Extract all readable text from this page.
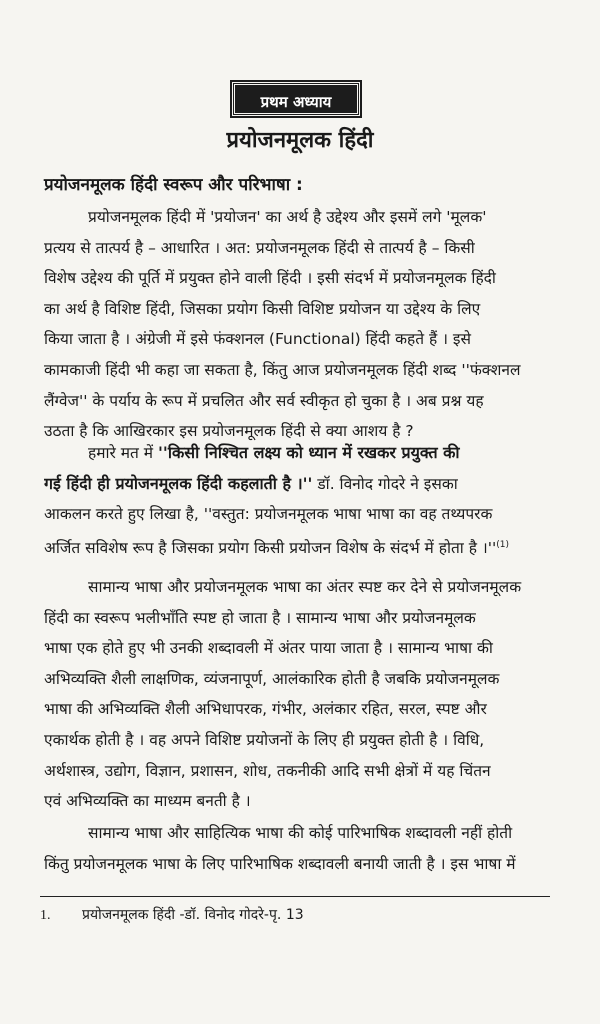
प्रथम अध्याय
प्रयोजनमूलक हिंदी
प्रयोजनमूलक हिंदी स्वरूप और परिभाषा :
प्रयोजनमूलक हिंदी में 'प्रयोजन' का अर्थ है उद्देश्य और इसमें लगे 'मूलक'
प्रत्यय से तात्पर्य है – आधारित । अत: प्रयोजनमूलक हिंदी से तात्पर्य है – किसी
विशेष उद्देश्य की पूर्ति में प्रयुक्त होने वाली हिंदी । इसी संदर्भ में प्रयोजनमूलक हिंदी
का अर्थ है विशिष्ट हिंदी, जिसका प्रयोग किसी विशिष्ट प्रयोजन या उद्देश्य के लिए
किया जाता है । अंग्रेजी में इसे फंक्शनल (Functional) हिंदी कहते हैं । इसे
कामकाजी हिंदी भी कहा जा सकता है, किंतु आज प्रयोजनमूलक हिंदी शब्द ''फंक्शनल
लैंग्वेज'' के पर्याय के रूप में प्रचलित और सर्व स्वीकृत हो चुका है । अब प्रश्न यह
उठता है कि आखिरकार इस प्रयोजनमूलक हिंदी से क्या आशय है ?
हमारे मत में ''किसी निश्चित लक्ष्य को ध्यान में रखकर प्रयुक्त की
गई हिंदी ही प्रयोजनमूलक हिंदी कहलाती है ।'' डॉ. विनोद गोदरे ने इसका
आकलन करते हुए लिखा है, ''वस्तुत: प्रयोजनमूलक भाषा भाषा का वह तथ्यपरक
अर्जित सविशेष रूप है जिसका प्रयोग किसी प्रयोजन विशेष के संदर्भ में होता है $।''^{(1)}$
सामान्य भाषा और प्रयोजनमूलक भाषा का अंतर स्पष्ट कर देने से प्रयोजनमूलक
हिंदी का स्वरूप भलीभाँति स्पष्ट हो जाता है । सामान्य भाषा और प्रयोजनमूलक
भाषा एक होते हुए भी उनकी शब्दावली में अंतर पाया जाता है । सामान्य भाषा की
अभिव्यक्ति शैली लाक्षणिक, व्यंजनापूर्ण, आलंकारिक होती है जबकि प्रयोजनमूलक
भाषा की अभिव्यक्ति शैली अभिधापरक, गंभीर, अलंकार रहित, सरल, स्पष्ट और
एकार्थक होती है । वह अपने विशिष्ट प्रयोजनों के लिए ही प्रयुक्त होती है । विधि,
अर्थशास्त्र, उद्योग, विज्ञान, प्रशासन, शोध, तकनीकी आदि सभी क्षेत्रों में यह चिंतन
एवं अभिव्यक्ति का माध्यम बनती है ।
सामान्य भाषा और साहित्यिक भाषा की कोई पारिभाषिक शब्दावली नहीं होती
किंतु प्रयोजनमूलक भाषा के लिए पारिभाषिक शब्दावली बनायी जाती है । इस भाषा में
1. प्रयोजनमूलक हिंदी -डॉ. विनोद गोदरे-पृ. 13
